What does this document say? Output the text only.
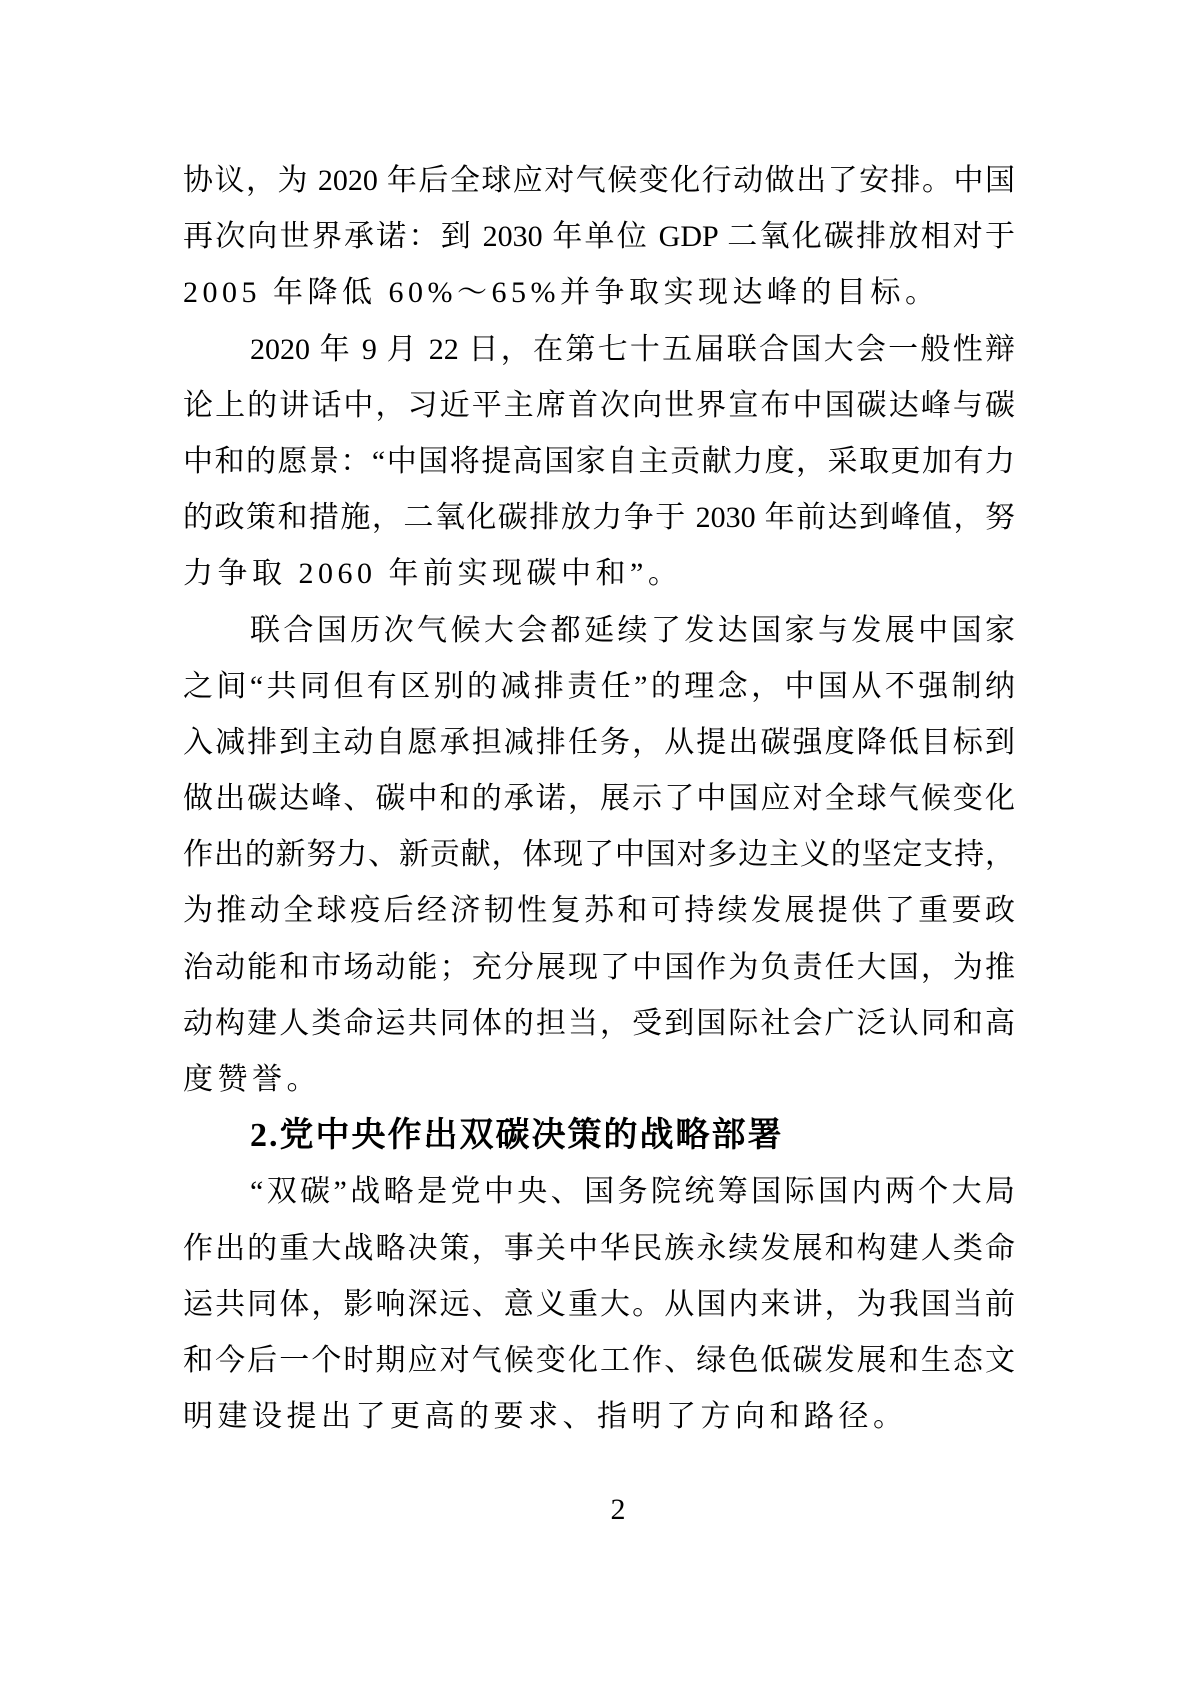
协议，为 2020 年后全球应对气候变化行动做出了安排。中国

再次向世界承诺：到 2030 年单位 GDP 二氧化碳排放相对于

2005 年降低 60%～65%并争取实现达峰的目标。

2020 年 9 月 22 日，在第七十五届联合国大会一般性辩

论上的讲话中，习近平主席首次向世界宣布中国碳达峰与碳

中和的愿景：“中国将提高国家自主贡献力度，采取更加有力

的政策和措施，二氧化碳排放力争于 2030 年前达到峰值，努

力争取 2060 年前实现碳中和”。

联合国历次气候大会都延续了发达国家与发展中国家

之间“共同但有区别的减排责任”的理念，中国从不强制纳

入减排到主动自愿承担减排任务，从提出碳强度降低目标到

做出碳达峰、碳中和的承诺，展示了中国应对全球气候变化

作出的新努力、新贡献，体现了中国对多边主义的坚定支持，

为推动全球疫后经济韧性复苏和可持续发展提供了重要政

治动能和市场动能；充分展现了中国作为负责任大国，为推

动构建人类命运共同体的担当，受到国际社会广泛认同和高

度赞誉。

2.党中央作出双碳决策的战略部署

“双碳”战略是党中央、国务院统筹国际国内两个大局

作出的重大战略决策，事关中华民族永续发展和构建人类命

运共同体，影响深远、意义重大。从国内来讲，为我国当前

和今后一个时期应对气候变化工作、绿色低碳发展和生态文

明建设提出了更高的要求、指明了方向和路径。

2
